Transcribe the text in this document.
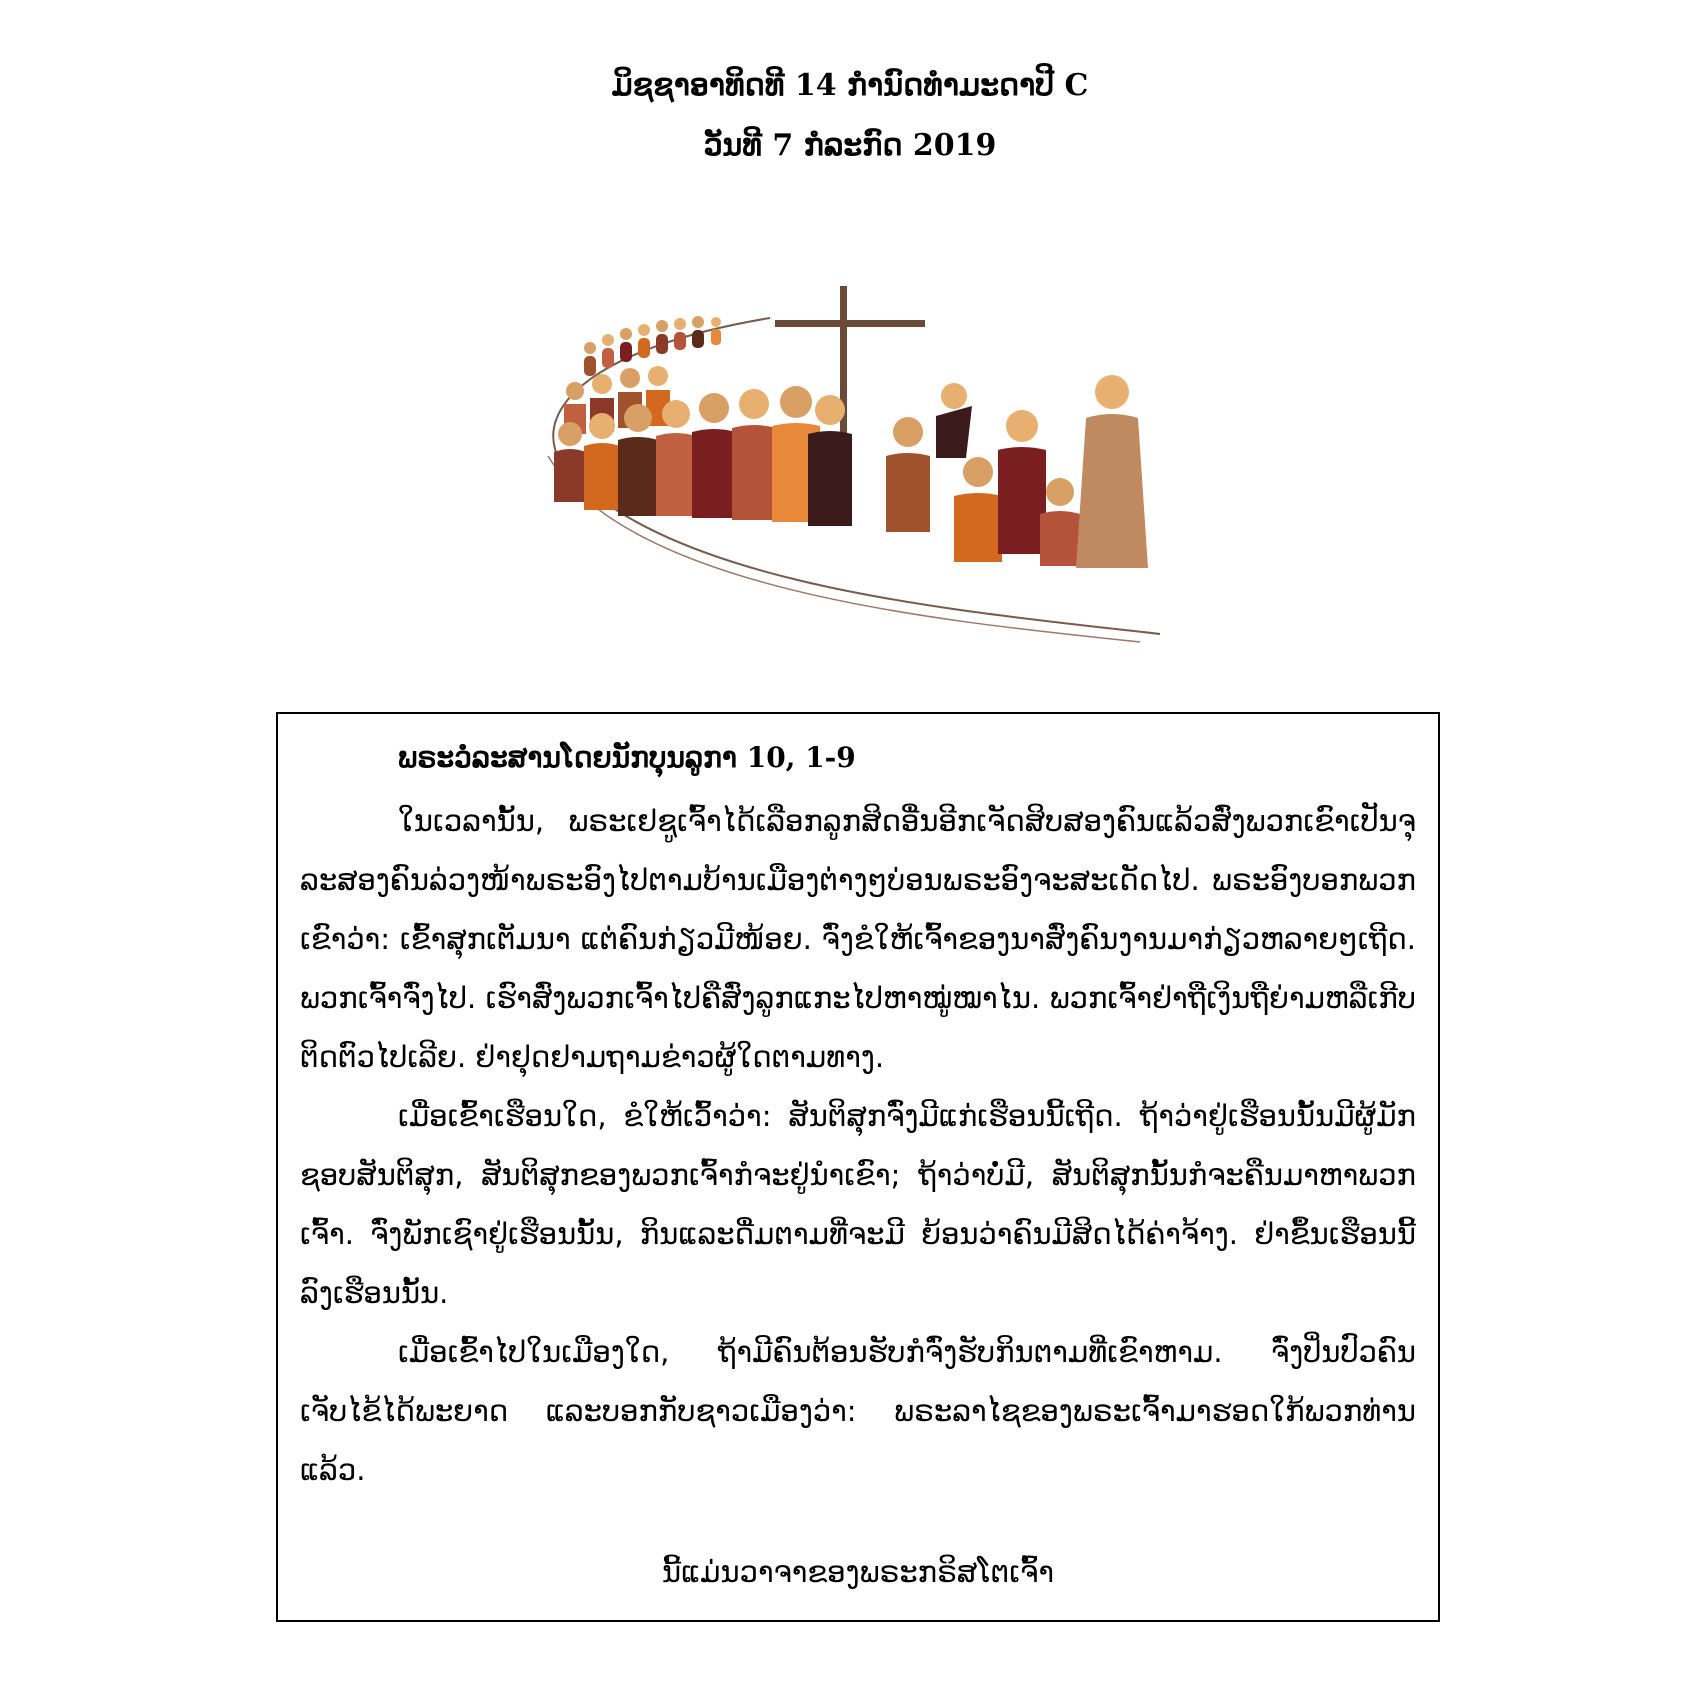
ມິຊຊາອາທິດທີ 14 ກໍານົດທໍາມະດາປີ C
ວັນທີ 7 ກໍລະກົດ 2019
ພຣະວໍລະສານໂດຍນັກບຸນລູກາ 10, 1-9

ໃນເວລານັ້ນ, ພຣະເຢຊູເຈົ້າໄດ້ເລືອກລູກສິດອື່ນອີກເຈັດສິບສອງຄົນແລ້ວສົ່ງພວກເຂົາເປັນຈຸລະສອງຄົນລ່ວງໜ້າພຣະອົງໄປຕາມບ້ານເມືອງຕ່າງໆບ່ອນພຣະອົງຈະສະເດັດໄປ. ພຣະອົງບອກພວກເຂົາວ່າ: ເຂົ້າສຸກເຕັມນາ ແຕ່ຄົນກ່ຽວມີໜ້ອຍ. ຈົ່ງຂໍໃຫ້ເຈົ້າຂອງນາສົ່ງຄົນງານມາກ່ຽວຫລາຍໆເຖີດ. ພວກເຈົ້າຈົ່ງໄປ. ເຮົາສົ່ງພວກເຈົ້າໄປຄືສົ່ງລູກແກະໄປຫາໝູ່ໝາໄນ. ພວກເຈົ້າຢ່າຖືເງິນຖືຍ່າມຫລືເກີບຕິດຕົວໄປເລີຍ. ຢ່າຢຸດຢາມຖາມຂ່າວຜູ້ໃດຕາມທາງ.

ເມື່ອເຂົ້າເຮືອນໃດ, ຂໍໃຫ້ເວົ້າວ່າ: ສັນຕິສຸກຈົ່ງມີແກ່ເຮືອນນີ້ເຖີດ. ຖ້າວ່າຢູ່ເຮືອນນັ້ນມີຜູ້ມັກຊອບສັນຕິສຸກ, ສັນຕິສຸກຂອງພວກເຈົ້າກໍຈະຢູ່ນໍາເຂົາ; ຖ້າວ່າບໍ່ມີ, ສັນຕິສຸກນັ້ນກໍຈະຄືນມາຫາພວກເຈົ້າ. ຈົ່ງພັກເຊົາຢູ່ເຮືອນນັ້ນ, ກິນແລະດື່ມຕາມທີ່ຈະມີ ຍ້ອນວ່າຄົນມີສິດໄດ້ຄ່າຈ້າງ. ຢ່າຂຶ້ນເຮືອນນີ້ລົງເຮືອນນັ້ນ.

ເມື່ອເຂົ້າໄປໃນເມືອງໃດ, ຖ້າມີຄົນຕ້ອນຮັບກໍຈົ່ງຮັບກິນຕາມທີ່ເຂົາຫາມ. ຈົ່ງປິ່ນປົວຄົນເຈັບໄຂ້ໄດ້ພະຍາດ ແລະບອກກັບຊາວເມືອງວ່າ: ພຣະລາໄຊຂອງພຣະເຈົ້າມາຮອດໃກ້ພວກທ່ານແລ້ວ.

ນີ້ແມ່ນວາຈາຂອງພຣະກຣິສໂຕເຈົ້າ
